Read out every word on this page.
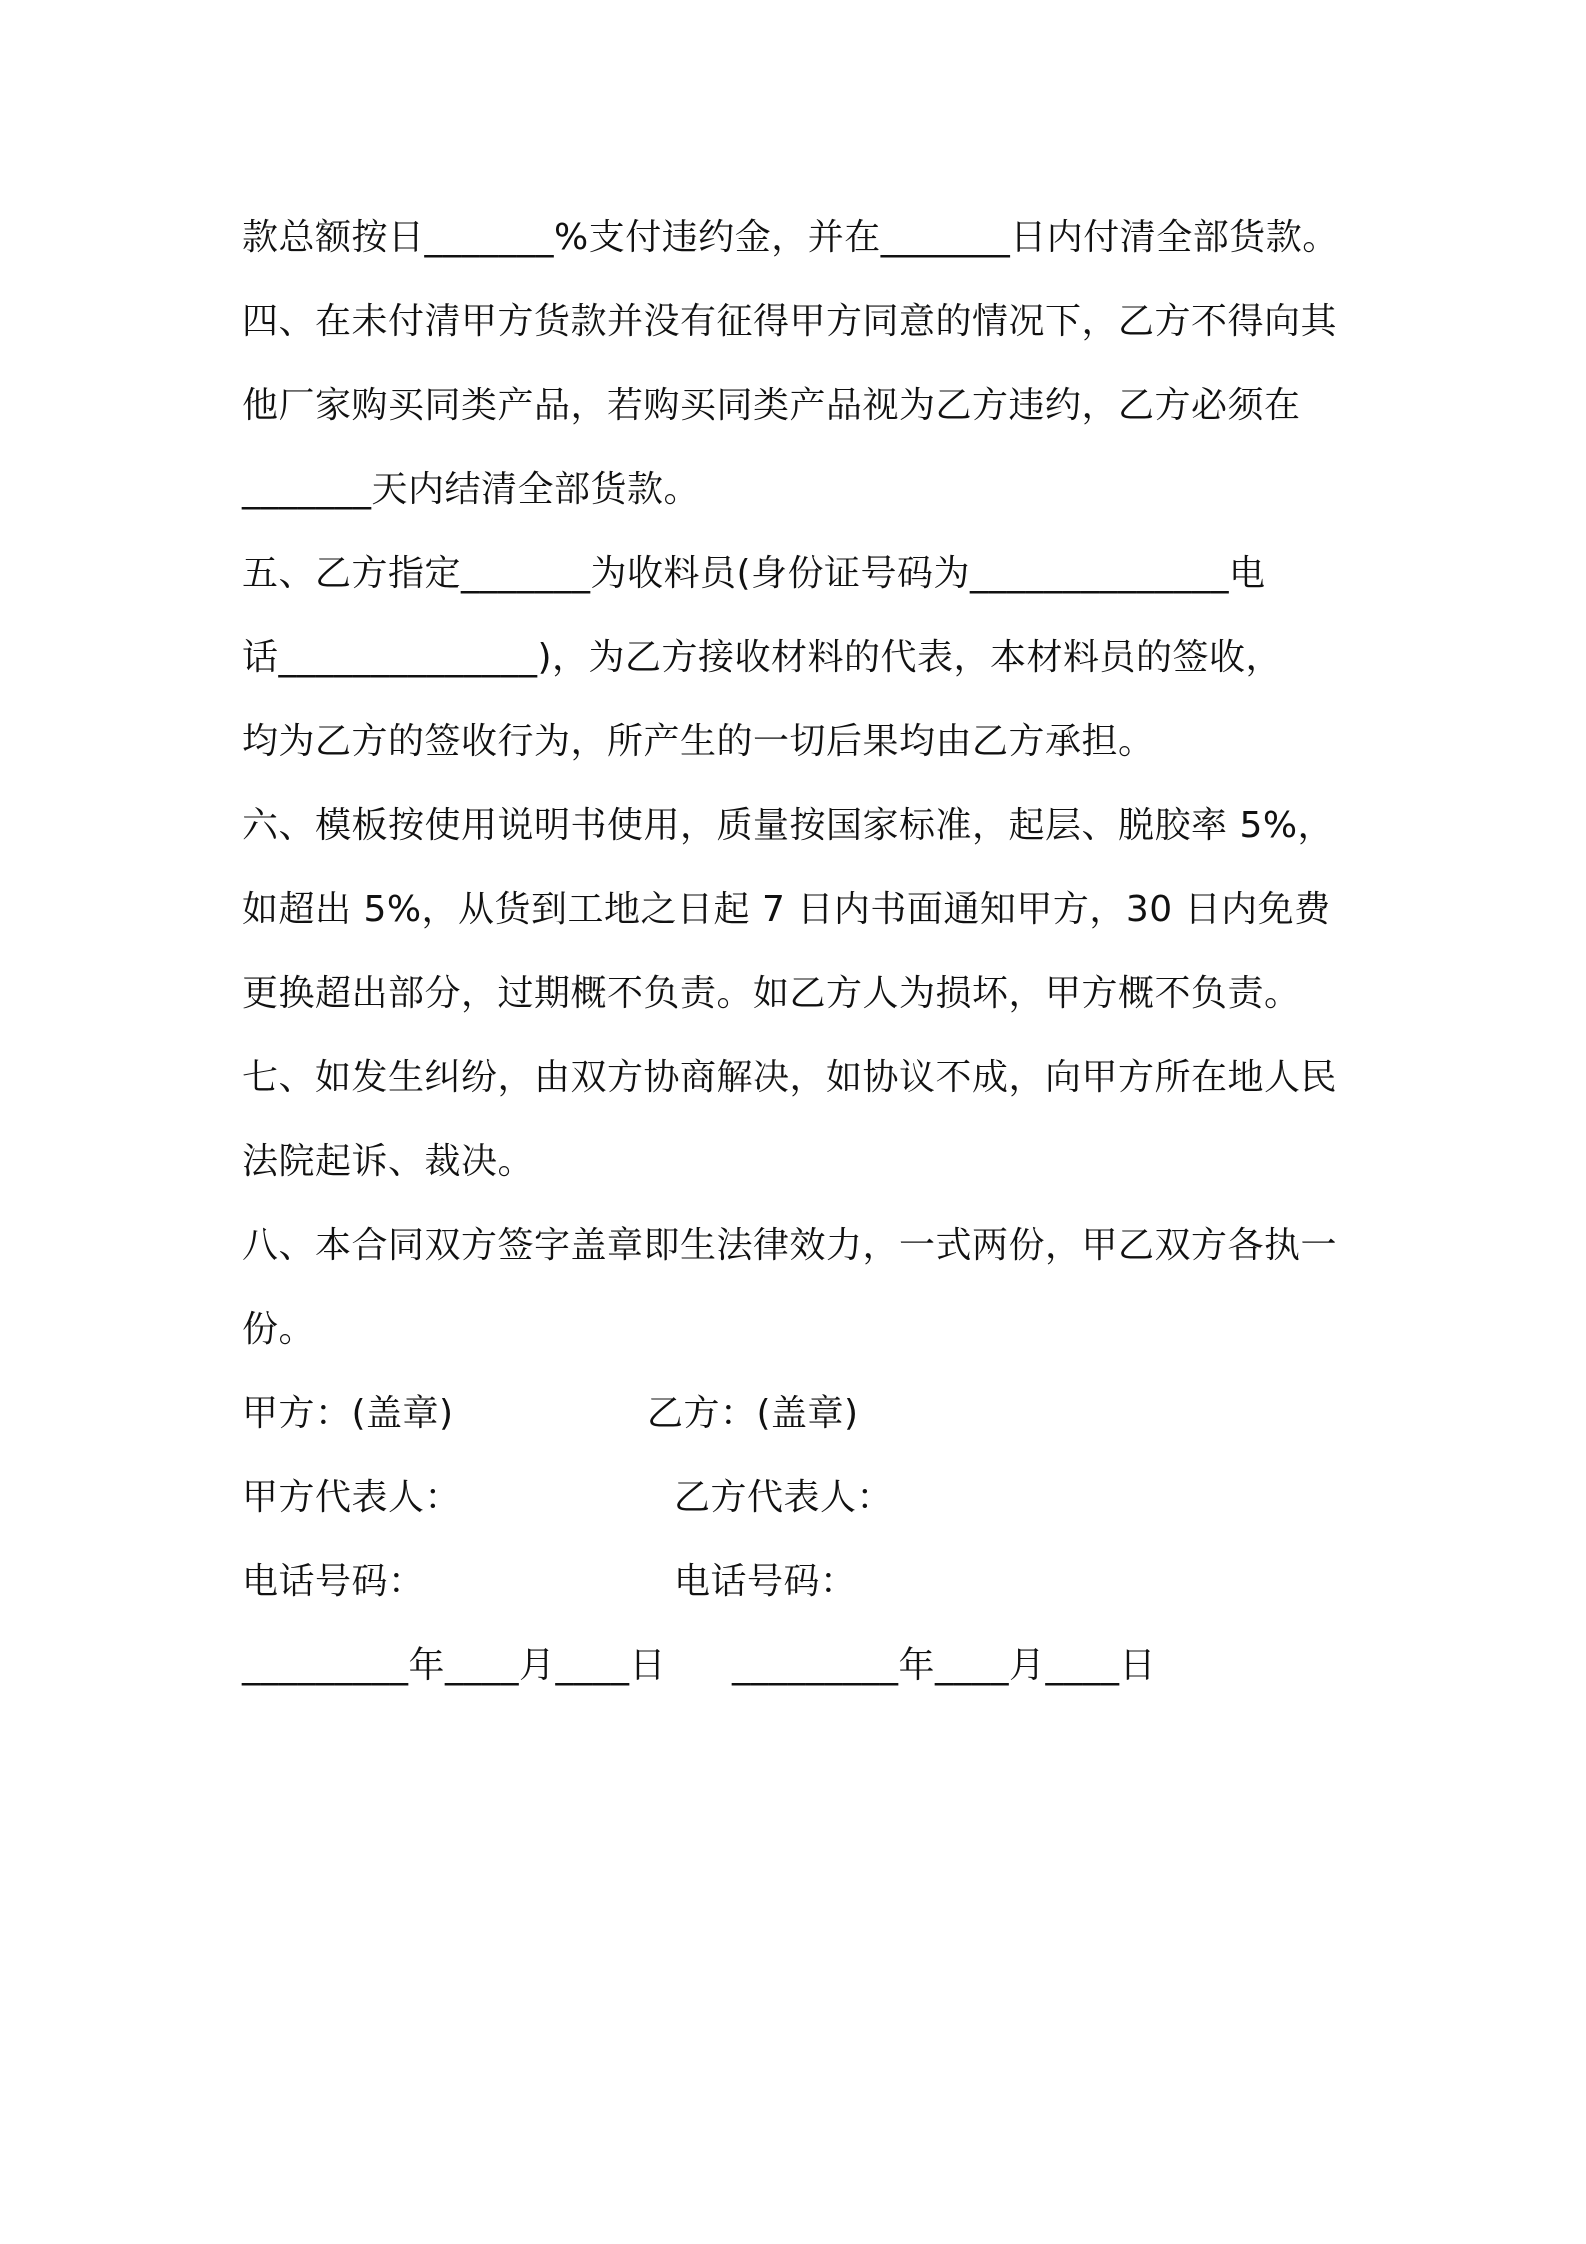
款总额按日_______%支付违约金，并在_______日内付清全部货款。
四、在未付清甲方货款并没有征得甲方同意的情况下，乙方不得向其
他厂家购买同类产品，若购买同类产品视为乙方违约，乙方必须在
_______天内结清全部货款。
五、乙方指定_______为收料员(身份证号码为______________电
话______________)，为乙方接收材料的代表，本材料员的签收，
均为乙方的签收行为，所产生的一切后果均由乙方承担。
六、模板按使用说明书使用，质量按国家标准，起层、脱胶率 5%，
如超出 5%，从货到工地之日起 7 日内书面通知甲方，30 日内免费
更换超出部分，过期概不负责。如乙方人为损坏，甲方概不负责。
七、如发生纠纷，由双方协商解决，如协议不成，向甲方所在地人民
法院起诉、裁决。
八、本合同双方签字盖章即生法律效力，一式两份，甲乙双方各执一
份。
甲方：(盖章)	乙方：(盖章)
甲方代表人：	乙方代表人：
电话号码：	电话号码：
_________年____月____日 _________年____月____日
